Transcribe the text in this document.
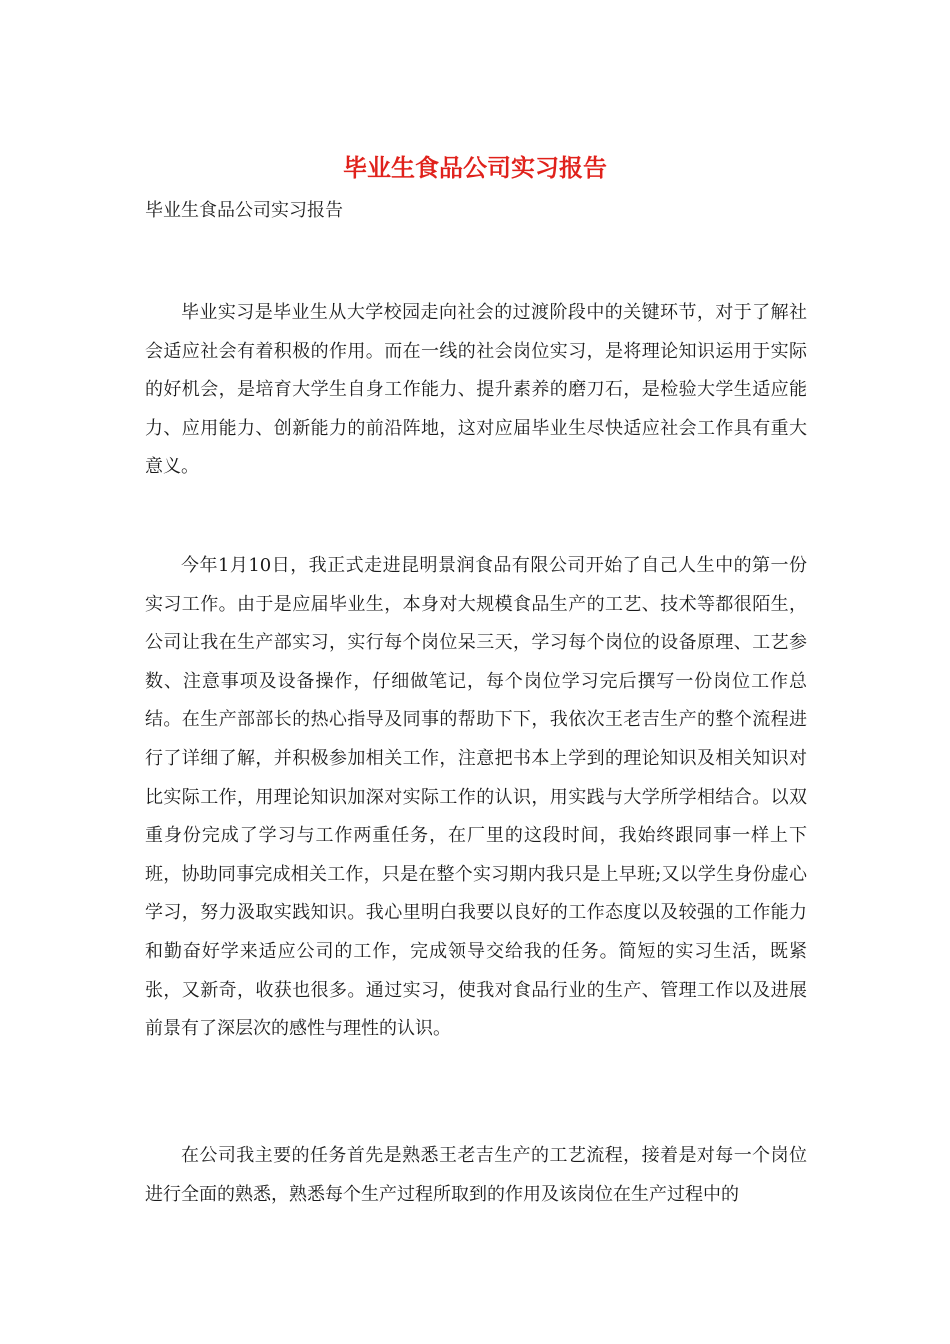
毕业生食品公司实习报告
毕业生食品公司实习报告

毕业实习是毕业生从大学校园走向社会的过渡阶段中的关键环节，对于了解社会适应社会有着积极的作用。而在一线的社会岗位实习，是将理论知识运用于实际的好机会，是培育大学生自身工作能力、提升素养的磨刀石，是检验大学生适应能力、应用能力、创新能力的前沿阵地，这对应届毕业生尽快适应社会工作具有重大意义。

今年1月10日，我正式走进昆明景润食品有限公司开始了自己人生中的第一份实习工作。由于是应届毕业生，本身对大规模食品生产的工艺、技术等都很陌生，公司让我在生产部实习，实行每个岗位呆三天，学习每个岗位的设备原理、工艺参数、注意事项及设备操作，仔细做笔记，每个岗位学习完后撰写一份岗位工作总结。在生产部部长的热心指导及同事的帮助下下，我依次王老吉生产的整个流程进行了详细了解，并积极参加相关工作，注意把书本上学到的理论知识及相关知识对比实际工作，用理论知识加深对实际工作的认识，用实践与大学所学相结合。以双重身份完成了学习与工作两重任务，在厂里的这段时间，我始终跟同事一样上下班，协助同事完成相关工作，只是在整个实习期内我只是上早班;又以学生身份虚心学习，努力汲取实践知识。我心里明白我要以良好的工作态度以及较强的工作能力和勤奋好学来适应公司的工作，完成领导交给我的任务。简短的实习生活，既紧张，又新奇，收获也很多。通过实习，使我对食品行业的生产、管理工作以及进展前景有了深层次的感性与理性的认识。

在公司我主要的任务首先是熟悉王老吉生产的工艺流程，接着是对每一个岗位进行全面的熟悉，熟悉每个生产过程所取到的作用及该岗位在生产过程中的
